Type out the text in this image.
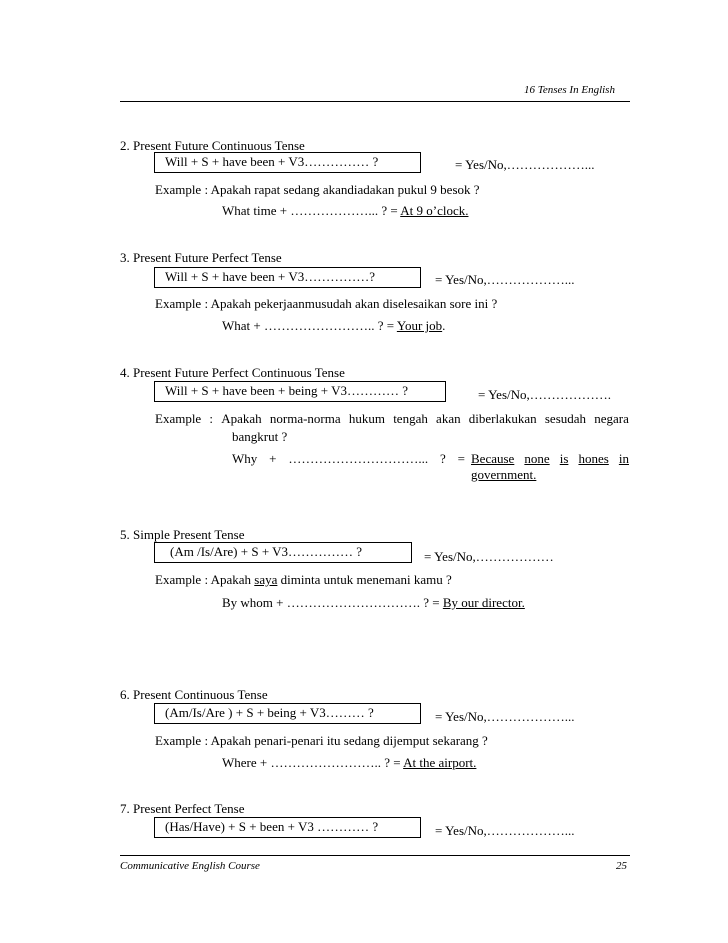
16 Tenses In English
2. Present Future Continuous Tense
Will + S + have been + V3…………… ?	= Yes/No,………………...
Example : Apakah rapat sedang akandiadakan pukul 9 besok ?
What time + ………………... ? = At 9 o’clock.
3. Present Future Perfect Tense
Will + S + have been + V3……………?	= Yes/No,………………...
Example : Apakah pekerjaanmusudah akan diselesaikan sore ini ?
What + …………………….. ? = Your job.
4. Present Future Perfect Continuous Tense
Will + S + have been + being + V3………… ?	= Yes/No,……………….
Example : Apakah norma-norma hukum tengah akan diberlakukan sesudah negara
bangkrut ?
Why + …………………………... ? = Because none is hones in
government.
5. Simple Present Tense
(Am /Is/Are) + S + V3…………… ?	= Yes/No,………………
Example : Apakah saya diminta untuk menemani kamu ?
By whom + …………………………. ? = By our director.
6. Present Continuous Tense
(Am/Is/Are ) + S + being + V3……… ?	= Yes/No,………………...
Example : Apakah penari-penari itu sedang dijemput sekarang ?
Where + …………………….. ? = At the airport.
7. Present Perfect Tense
(Has/Have) + S + been + V3 ………… ?	= Yes/No,………………...
Communicative English Course	25
